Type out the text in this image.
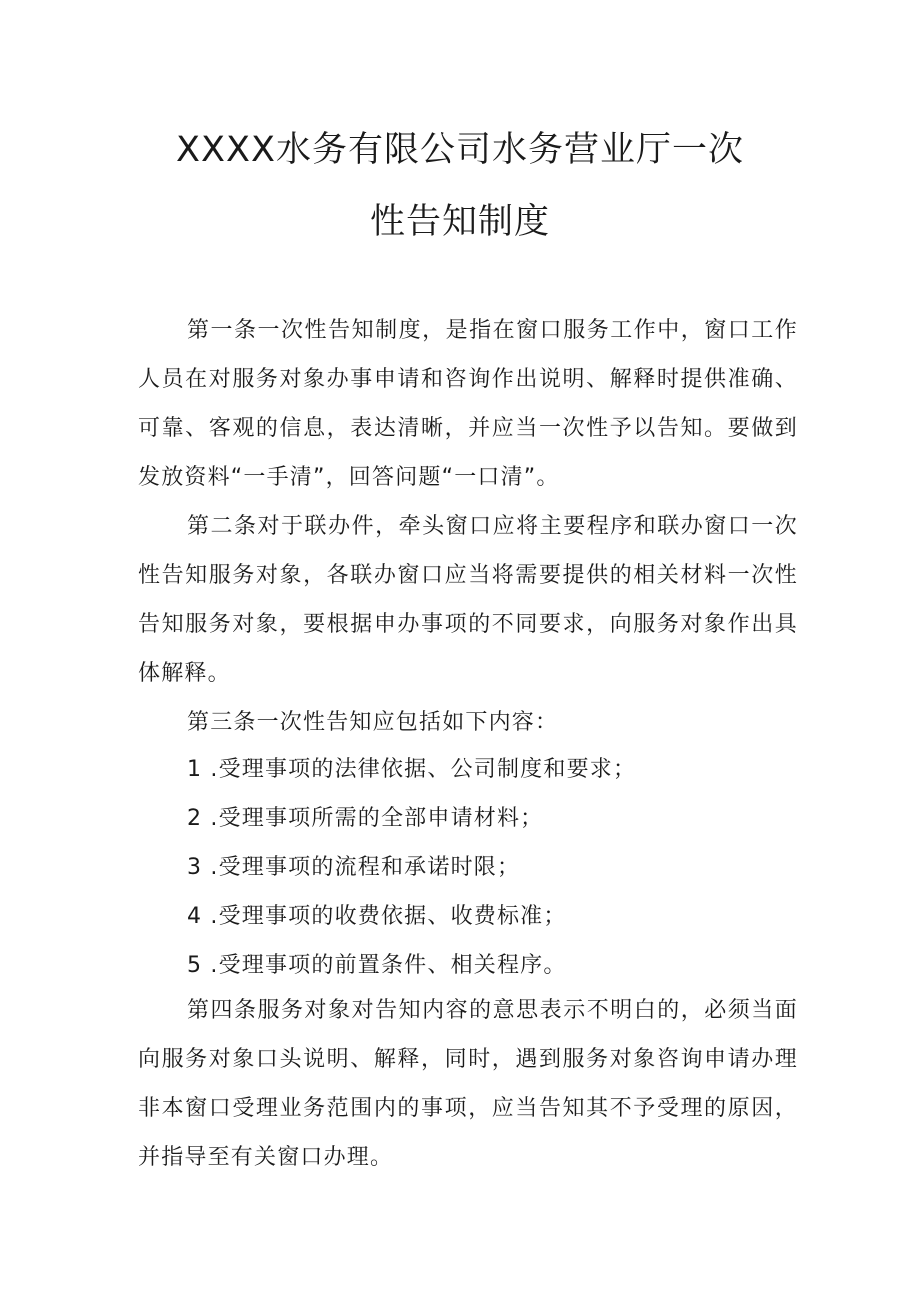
XXXX水务有限公司水务营业厅一次
性告知制度

第一条一次性告知制度，是指在窗口服务工作中，窗口工作人员在对服务对象办事申请和咨询作出说明、解释时提供准确、可靠、客观的信息，表达清晰，并应当一次性予以告知。要做到发放资料“一手清”，回答问题“一口清”。

第二条对于联办件，牵头窗口应将主要程序和联办窗口一次性告知服务对象，各联办窗口应当将需要提供的相关材料一次性告知服务对象，要根据申办事项的不同要求，向服务对象作出具体解释。

第三条一次性告知应包括如下内容：

1 .受理事项的法律依据、公司制度和要求；

2 .受理事项所需的全部申请材料；

3 .受理事项的流程和承诺时限；

4 .受理事项的收费依据、收费标准；

5 .受理事项的前置条件、相关程序。

第四条服务对象对告知内容的意思表示不明白的，必须当面向服务对象口头说明、解释，同时，遇到服务对象咨询申请办理非本窗口受理业务范围内的事项，应当告知其不予受理的原因，并指导至有关窗口办理。
